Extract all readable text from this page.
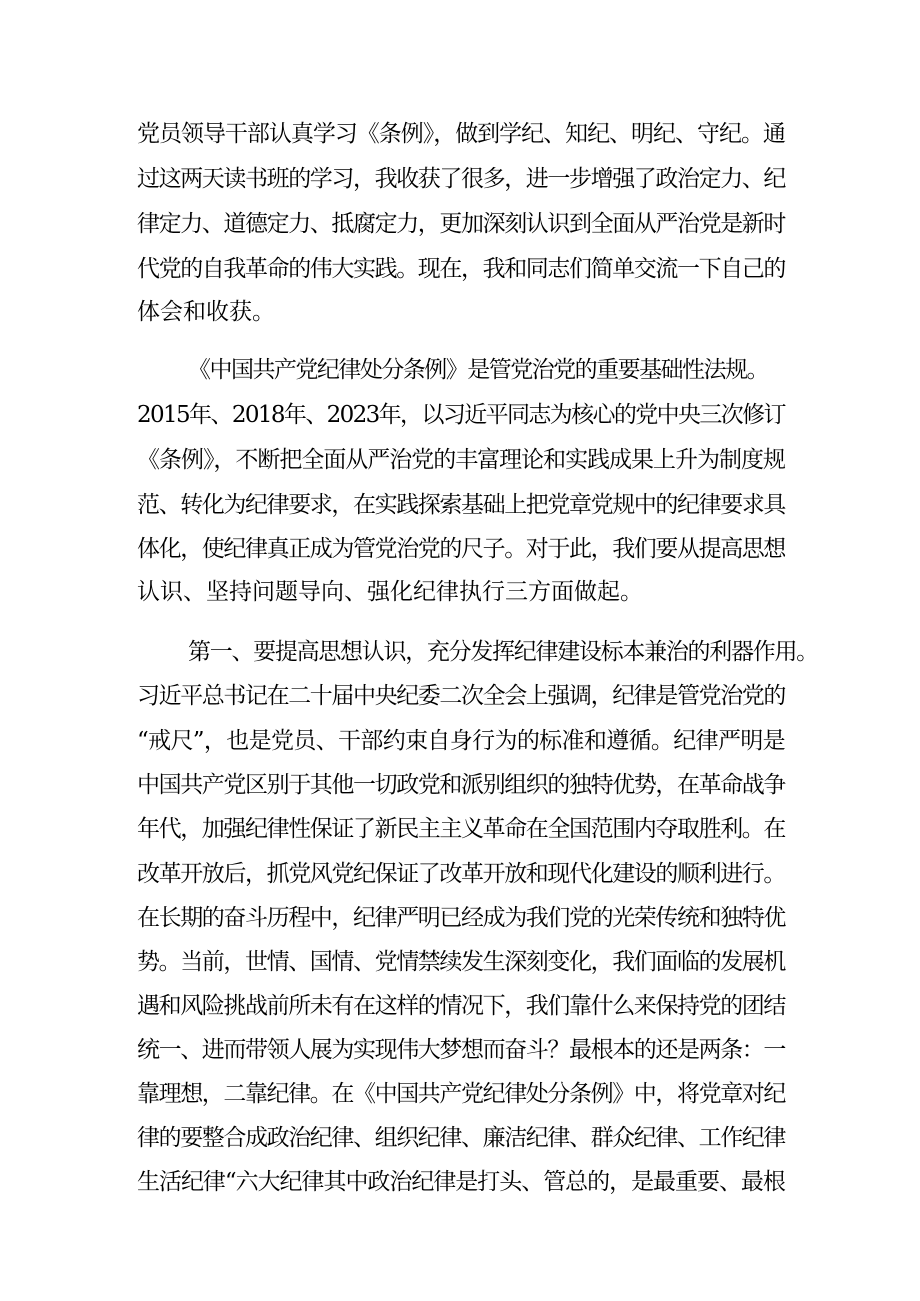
党员领导干部认真学习《条例》，做到学纪、知纪、明纪、守纪。通
过这两天读书班的学习，我收获了很多，进一步增强了政治定力、纪
律定力、道德定力、抵腐定力，更加深刻认识到全面从严治党是新时
代党的自我革命的伟大实践。现在，我和同志们简单交流一下自己的
体会和收获。
《中国共产党纪律处分条例》是管党治党的重要基础性法规。
2015年、2018年、2023年，以习近平同志为核心的党中央三次修订
《条例》，不断把全面从严治党的丰富理论和实践成果上升为制度规
范、转化为纪律要求，在实践探索基础上把党章党规中的纪律要求具
体化，使纪律真正成为管党治党的尺子。对于此，我们要从提高思想
认识、坚持问题导向、强化纪律执行三方面做起。
第一、要提高思想认识，充分发挥纪律建设标本兼治的利器作用。
习近平总书记在二十届中央纪委二次全会上强调，纪律是管党治党的
“戒尺”，也是党员、干部约束自身行为的标准和遵循。纪律严明是
中国共产党区别于其他一切政党和派别组织的独特优势，在革命战争
年代，加强纪律性保证了新民主主义革命在全国范围内夺取胜利。在
改革开放后，抓党风党纪保证了改革开放和现代化建设的顺利进行。
在长期的奋斗历程中，纪律严明已经成为我们党的光荣传统和独特优
势。当前，世情、国情、党情禁续发生深刻变化，我们面临的发展机
遇和风险挑战前所未有在这样的情况下，我们靠什么来保持党的团结
统一、进而带领人展为实现伟大梦想而奋斗？最根本的还是两条：一
靠理想，二靠纪律。在《中国共产党纪律处分条例》中，将党章对纪
律的要整合成政治纪律、组织纪律、廉洁纪律、群众纪律、工作纪律
生活纪律“六大纪律其中政治纪律是打头、管总的，是最重要、最根
